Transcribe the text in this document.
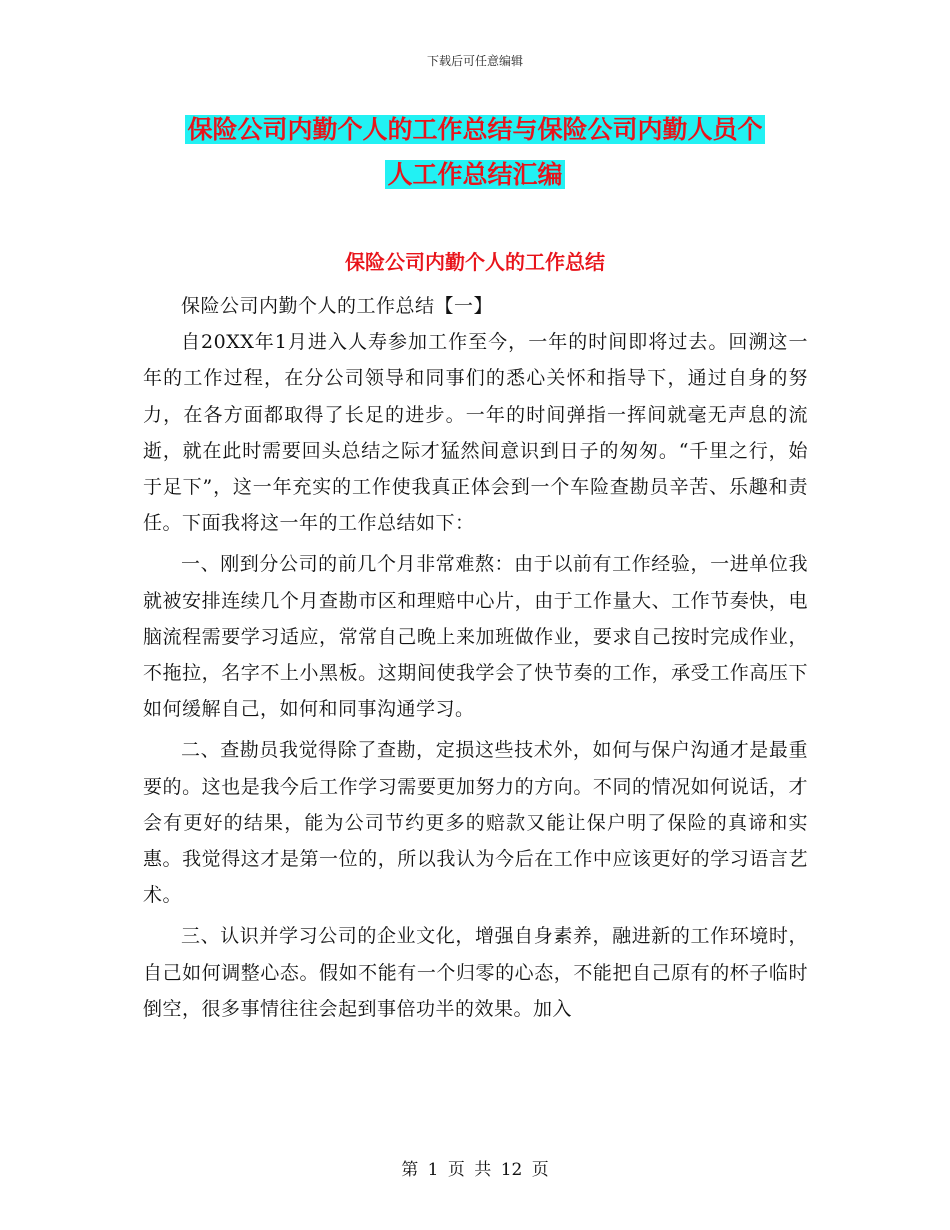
下载后可任意编辑
保险公司内勤个人的工作总结与保险公司内勤人员个
人工作总结汇编
保险公司内勤个人的工作总结

保险公司内勤个人的工作总结【一】

自20XX年1月进入人寿参加工作至今，一年的时间即将过去。回溯这一年的工作过程，在分公司领导和同事们的悉心关怀和指导下，通过自身的努力，在各方面都取得了长足的进步。一年的时间弹指一挥间就毫无声息的流逝，就在此时需要回头总结之际才猛然间意识到日子的匆匆。“千里之行，始于足下”，这一年充实的工作使我真正体会到一个车险查勘员辛苦、乐趣和责任。下面我将这一年的工作总结如下：

一、刚到分公司的前几个月非常难熬：由于以前有工作经验，一进单位我就被安排连续几个月查勘市区和理赔中心片，由于工作量大、工作节奏快，电脑流程需要学习适应，常常自己晚上来加班做作业，要求自己按时完成作业，不拖拉，名字不上小黑板。这期间使我学会了快节奏的工作，承受工作高压下如何缓解自己，如何和同事沟通学习。

二、查勘员我觉得除了查勘，定损这些技术外，如何与保户沟通才是最重要的。这也是我今后工作学习需要更加努力的方向。不同的情况如何说话，才会有更好的结果，能为公司节约更多的赔款又能让保户明了保险的真谛和实惠。我觉得这才是第一位的，所以我认为今后在工作中应该更好的学习语言艺术。

三、认识并学习公司的企业文化，增强自身素养，融进新的工作环境时，自己如何调整心态。假如不能有一个归零的心态，不能把自己原有的杯子临时倒空，很多事情往往会起到事倍功半的效果。加入

第 1 页 共 12 页
